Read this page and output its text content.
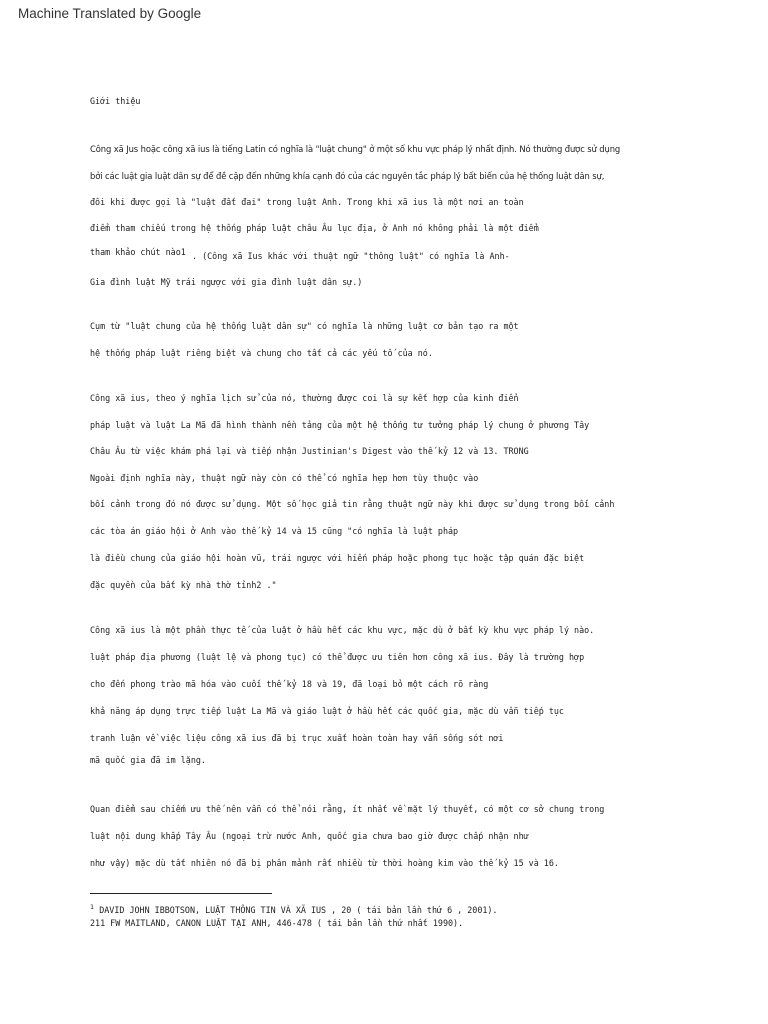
Machine Translated by Google
Giới thiệu
Công xã Jus hoặc công xã ius là tiếng Latin có nghĩa là "luật chung" ở một số khu vực pháp lý nhất định. Nó thường được sử dụng
bởi các luật gia luật dân sự để đề cập đến những khía cạnh đó của các nguyên tắc pháp lý bất biến của hệ thống luật dân sự,
đôi khi được gọi là "luật đất đai" trong luật Anh. Trong khi xã ius là một nơi an toàn
điểm tham chiếu trong hệ thống pháp luật châu Âu lục địa, ở Anh nó không phải là một điểm
tham khảo chút nào1 . (Công xã Ius khác với thuật ngữ "thông luật" có nghĩa là Anh-
Gia đình luật Mỹ trái ngược với gia đình luật dân sự.)
Cụm từ "luật chung của hệ thống luật dân sự" có nghĩa là những luật cơ bản tạo ra một
hệ thống pháp luật riêng biệt và chung cho tất cả các yếu tố của nó.
Công xã ius, theo ý nghĩa lịch sử của nó, thường được coi là sự kết hợp của kinh điển
pháp luật và luật La Mã đã hình thành nền tảng của một hệ thống tư tưởng pháp lý chung ở phương Tây
Châu Âu từ việc khám phá lại và tiếp nhận Justinian's Digest vào thế kỷ 12 và 13. TRONG
Ngoài định nghĩa này, thuật ngữ này còn có thể có nghĩa hẹp hơn tùy thuộc vào
bối cảnh trong đó nó được sử dụng. Một số học giả tin rằng thuật ngữ này khi được sử dụng trong bối cảnh
các tòa án giáo hội ở Anh vào thế kỷ 14 và 15 cũng "có nghĩa là luật pháp
là điều chung của giáo hội hoàn vũ, trái ngược với hiến pháp hoặc phong tục hoặc tập quán đặc biệt
đặc quyền của bất kỳ nhà thờ tỉnh2 ."
Công xã ius là một phần thực tế của luật ở hầu hết các khu vực, mặc dù ở bất kỳ khu vực pháp lý nào.
luật pháp địa phương (luật lệ và phong tục) có thể được ưu tiên hơn công xã ius. Đây là trường hợp
cho đến phong trào mã hóa vào cuối thế kỷ 18 và 19, đã loại bỏ một cách rõ ràng
khả năng áp dụng trực tiếp luật La Mã và giáo luật ở hầu hết các quốc gia, mặc dù vẫn tiếp tục
tranh luận về việc liệu công xã ius đã bị trục xuất hoàn toàn hay vẫn sống sót nơi
mã quốc gia đã im lặng.
Quan điểm sau chiếm ưu thế nên vẫn có thể nói rằng, ít nhất về mặt lý thuyết, có một cơ sở chung trong
luật nội dung khắp Tây Âu (ngoại trừ nước Anh, quốc gia chưa bao giờ được chấp nhận như
như vậy) mặc dù tất nhiên nó đã bị phân mảnh rất nhiều từ thời hoàng kim vào thế kỷ 15 và 16.
$^1$ DAVID JOHN IBBOTSON, LUẬT THÔNG TIN VÀ XÃ IUS , 20 ( tái bản lần thứ 6 , 2001).
211 FW MAITLAND, CANON LUẬT TẠI ANH, 446-478 ( tái bản lần thứ nhất 1990).
